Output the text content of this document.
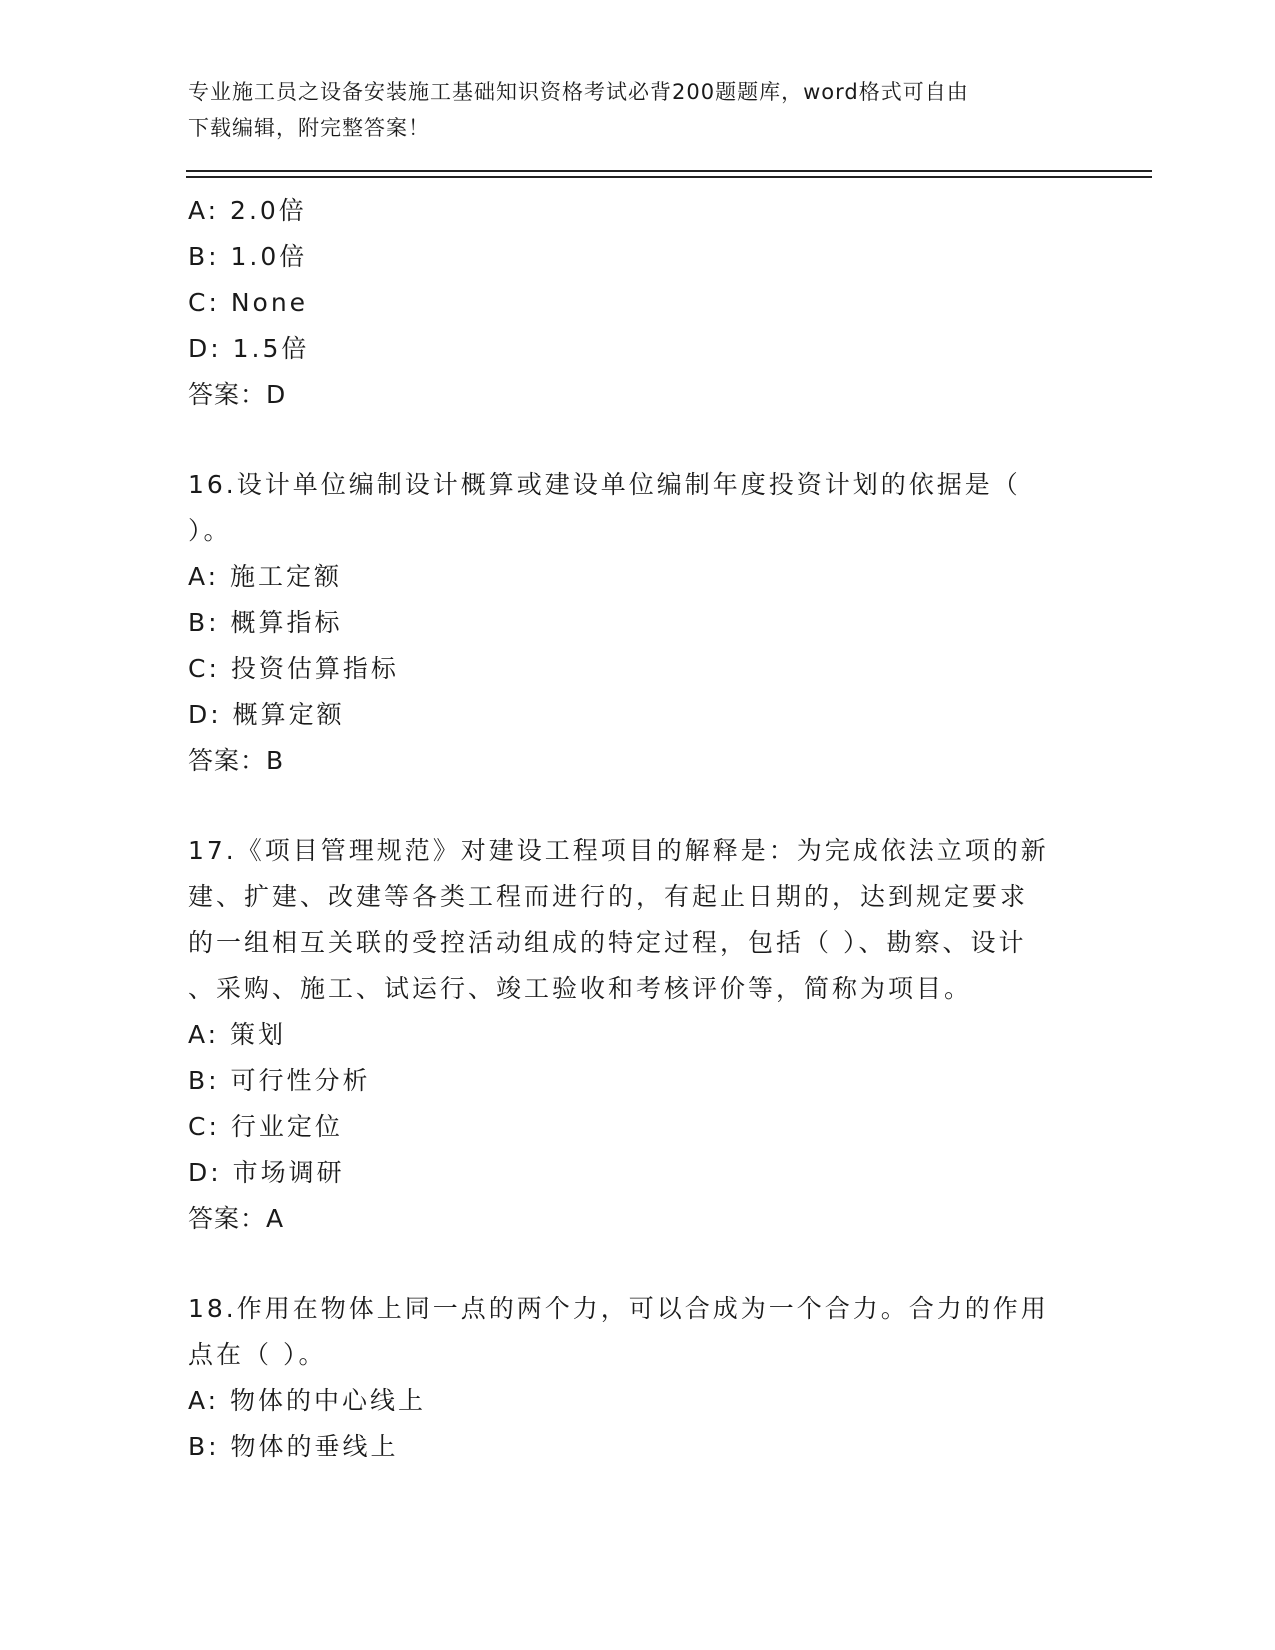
专业施工员之设备安装施工基础知识资格考试必背200题题库，word格式可自由
下载编辑，附完整答案！
A: 2.0倍
B: 1.0倍
C: None
D: 1.5倍
答案：D
16.设计单位编制设计概算或建设单位编制年度投资计划的依据是（
）。
A: 施工定额
B: 概算指标
C: 投资估算指标
D: 概算定额
答案：B
17.《项目管理规范》对建设工程项目的解释是：为完成依法立项的新
建、扩建、改建等各类工程而进行的，有起止日期的，达到规定要求
的一组相互关联的受控活动组成的特定过程，包括（ ）、勘察、设计
、采购、施工、试运行、竣工验收和考核评价等，简称为项目。
A: 策划
B: 可行性分析
C: 行业定位
D: 市场调研
答案：A
18.作用在物体上同一点的两个力，可以合成为一个合力。合力的作用
点在（ ）。
A: 物体的中心线上
B: 物体的垂线上
